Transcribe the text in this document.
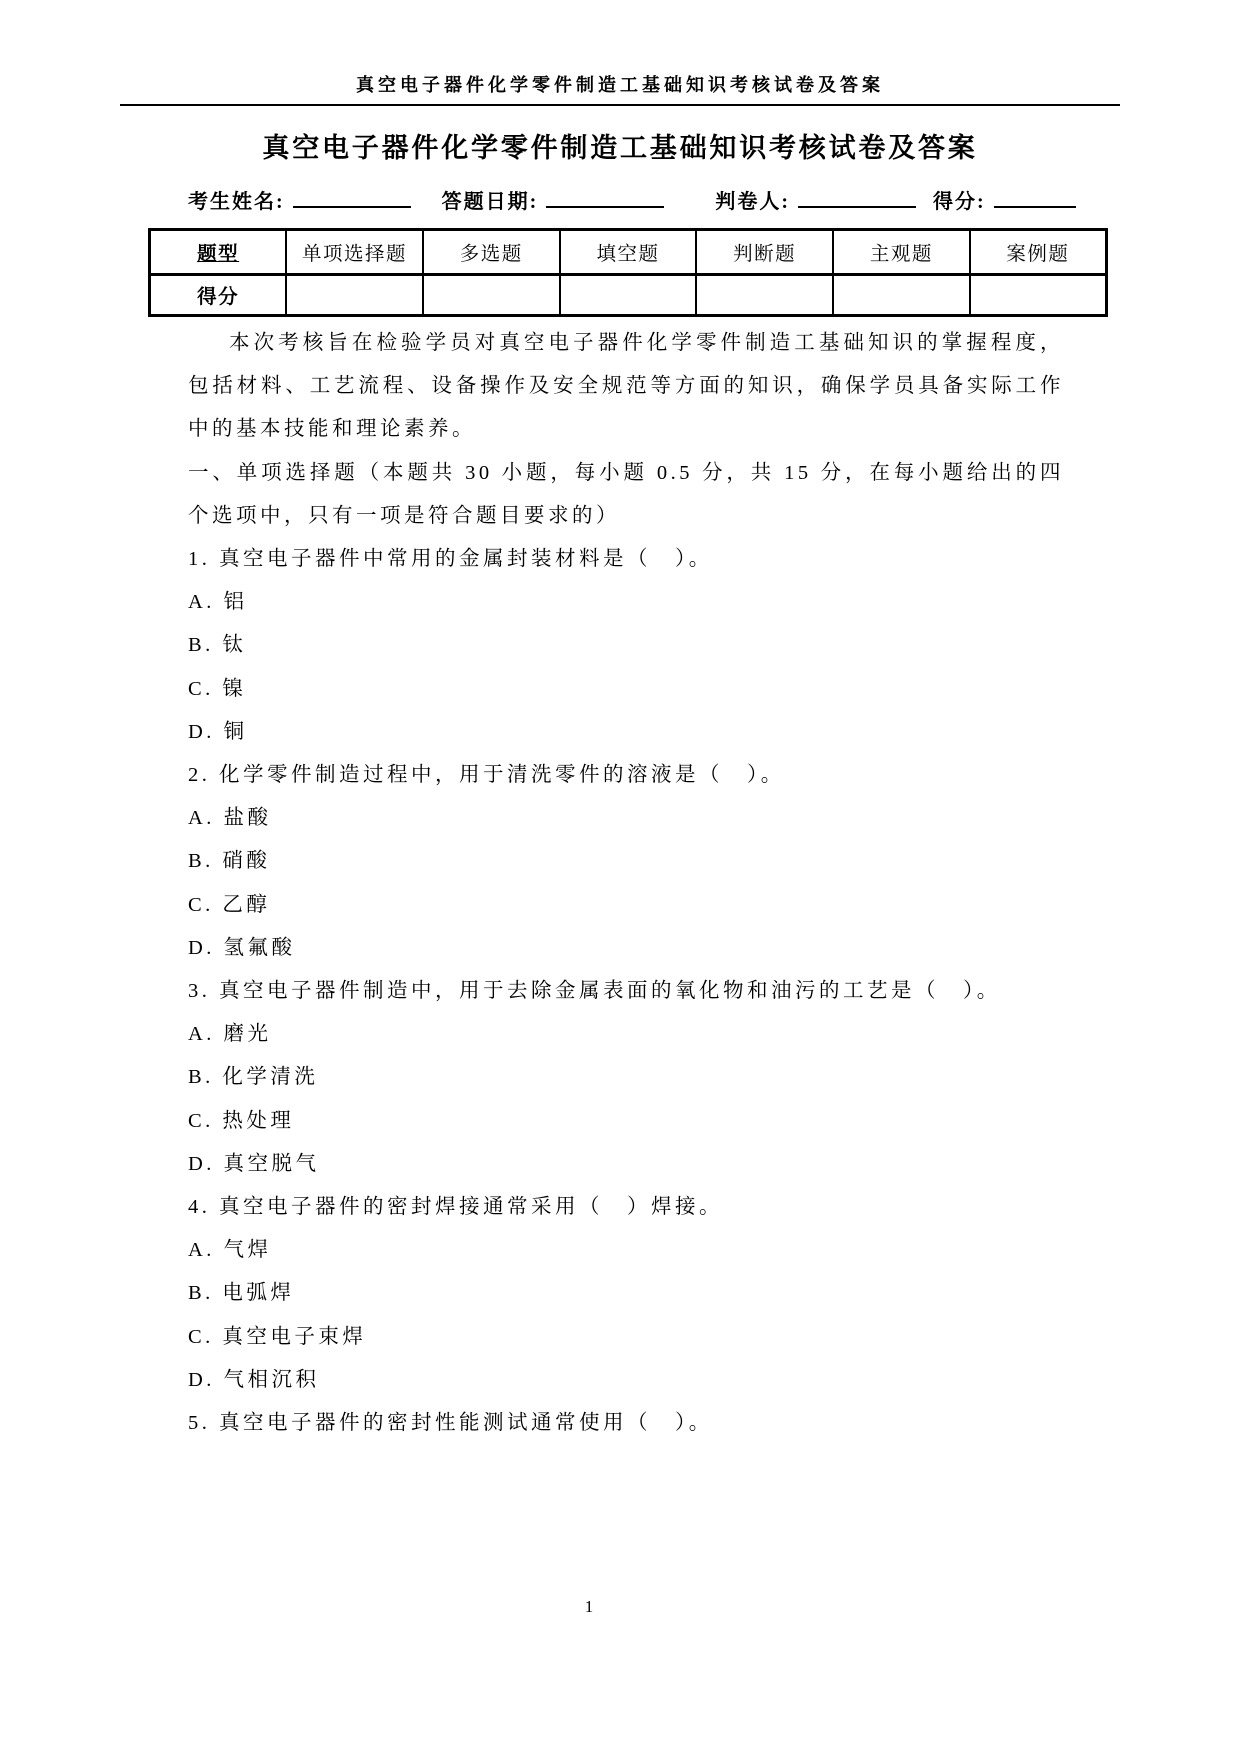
真空电子器件化学零件制造工基础知识考核试卷及答案
真空电子器件化学零件制造工基础知识考核试卷及答案
考生姓名:	答题日期:	判卷人:	得分:
题型	单项选择题	多选题	填空题	判断题	主观题	案例题
得分						

本次考核旨在检验学员对真空电子器件化学零件制造工基础知识的掌握程度，包括材料、工艺流程、设备操作及安全规范等方面的知识，确保学员具备实际工作中的基本技能和理论素养。

一、单项选择题（本题共 30 小题，每小题 0.5 分，共 15 分，在每小题给出的四个选项中，只有一项是符合题目要求的）

1. 真空电子器件中常用的金属封装材料是（　）。
A. 铝
B. 钛
C. 镍
D. 铜
2. 化学零件制造过程中，用于清洗零件的溶液是（　）。
A. 盐酸
B. 硝酸
C. 乙醇
D. 氢氟酸
3. 真空电子器件制造中，用于去除金属表面的氧化物和油污的工艺是（　）。
A. 磨光
B. 化学清洗
C. 热处理
D. 真空脱气
4. 真空电子器件的密封焊接通常采用（　）焊接。
A. 气焊
B. 电弧焊
C. 真空电子束焊
D. 气相沉积
5. 真空电子器件的密封性能测试通常使用（　）。
1
